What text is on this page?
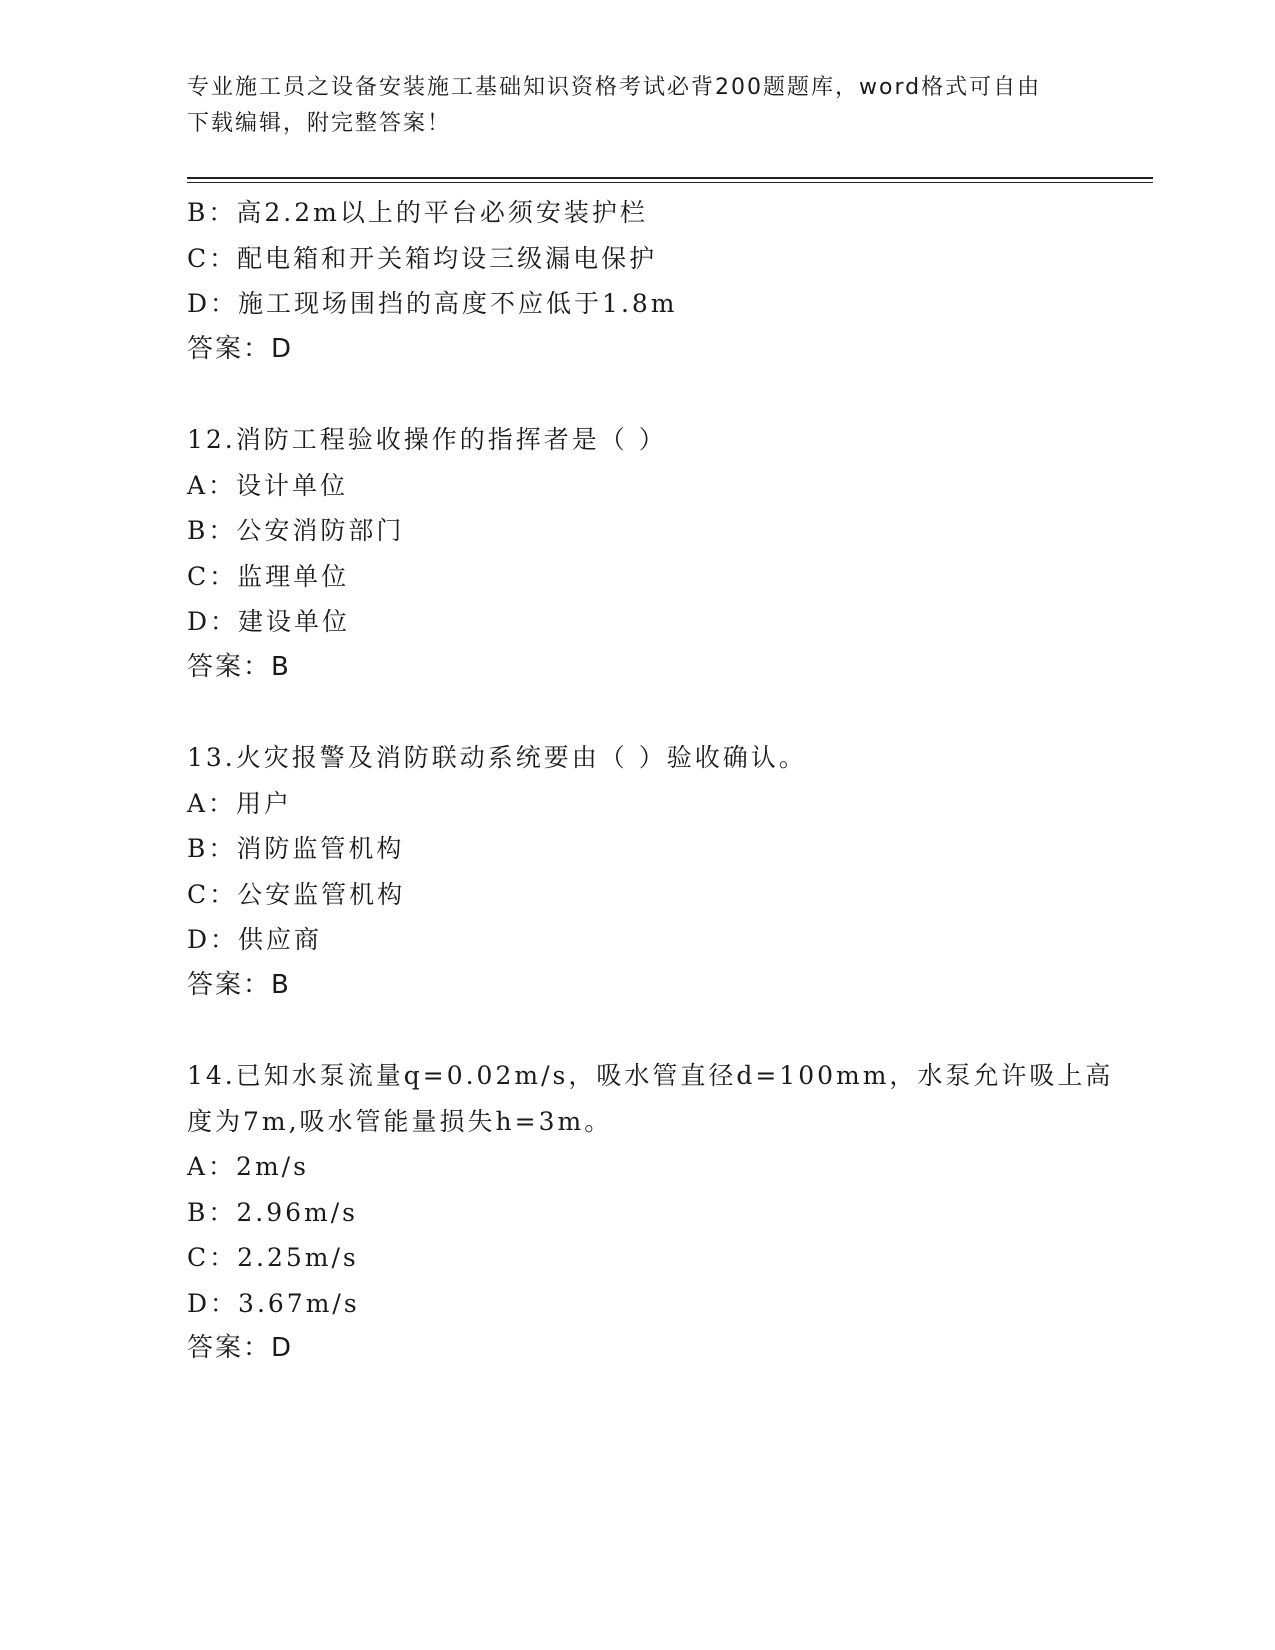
专业施工员之设备安装施工基础知识资格考试必背200题题库，word格式可自由
下载编辑，附完整答案！
B：高2.2m以上的平台必须安装护栏
C：配电箱和开关箱均设三级漏电保护
D：施工现场围挡的高度不应低于1.8m
答案：D
12.消防工程验收操作的指挥者是（ ）
A：设计单位
B：公安消防部门
C：监理单位
D：建设单位
答案：B
13.火灾报警及消防联动系统要由（ ）验收确认。
A：用户
B：消防监管机构
C：公安监管机构
D：供应商
答案：B
14.已知水泵流量q=0.02m/s，吸水管直径d=100mm，水泵允许吸上高
度为7m,吸水管能量损失h=3m。
A：2m/s
B：2.96m/s
C：2.25m/s
D：3.67m/s
答案：D
